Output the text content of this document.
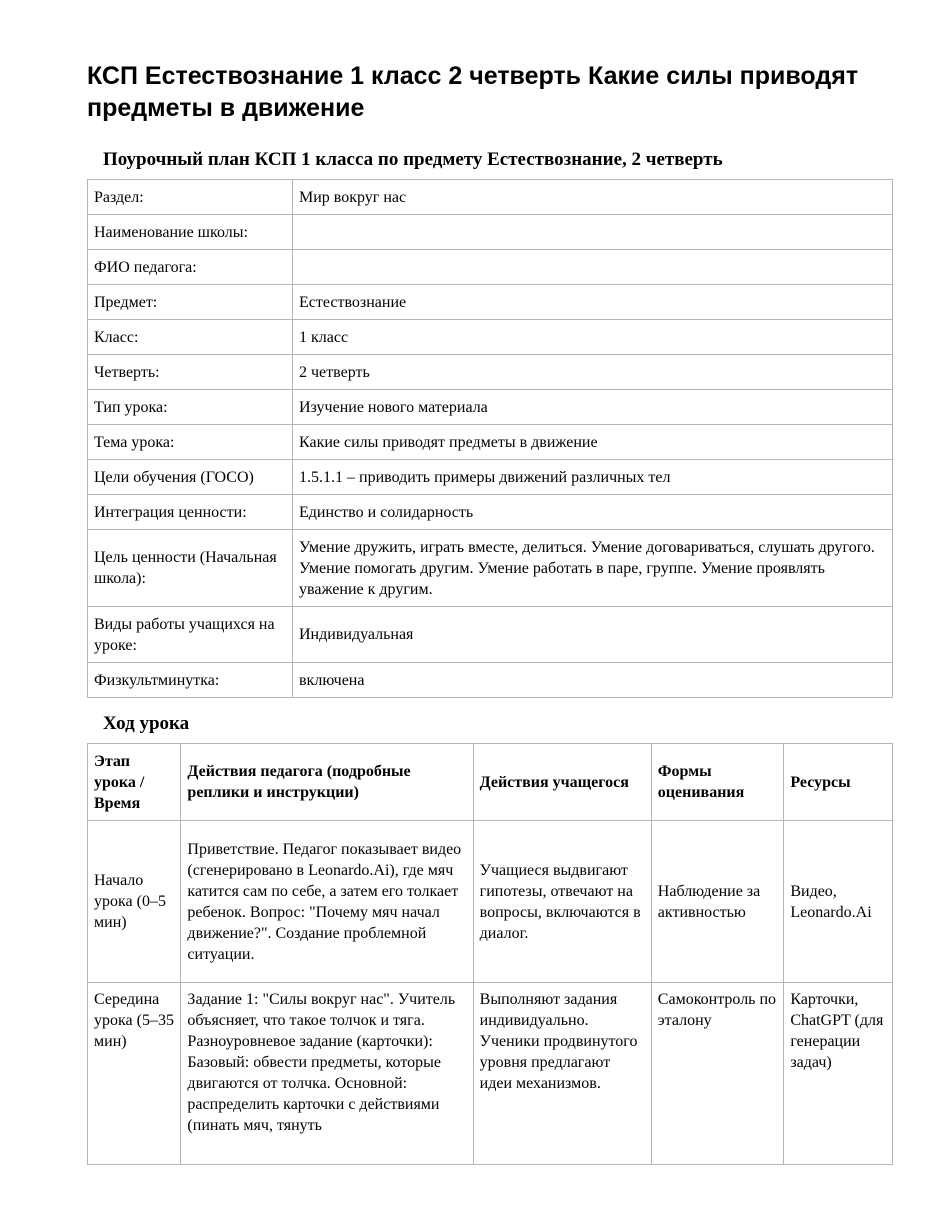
КСП Естествознание 1 класс 2 четверть Какие силы приводят предметы в движение
Поурочный план КСП 1 класса по предмету Естествознание, 2 четверть
Раздел:	Мир вокруг нас
Наименование школы:	
ФИО педагога:	
Предмет:	Естествознание
Класс:	1 класс
Четверть:	2 четверть
Тип урока:	Изучение нового материала
Тема урока:	Какие силы приводят предметы в движение
Цели обучения (ГОСО)	1.5.1.1 – приводить примеры движений различных тел
Интеграция ценности:	Единство и солидарность
Цель ценности (Начальная школа):	Умение дружить, играть вместе, делиться. Умение договариваться, слушать другого. Умение помогать другим. Умение работать в паре, группе. Умение проявлять уважение к другим.
Виды работы учащихся на уроке:	Индивидуальная
Физкультминутка:	включена
Ход урока
Этап урока / Время	Действия педагога (подробные реплики и инструкции)	Действия учащегося	Формы оценивания	Ресурсы
Начало урока (0–5 мин)	Приветствие. Педагог показывает видео (сгенерировано в Leonardo.Ai), где мяч катится сам по себе, а затем его толкает ребенок. Вопрос: "Почему мяч начал движение?". Создание проблемной ситуации.	Учащиеся выдвигают гипотезы, отвечают на вопросы, включаются в диалог.	Наблюдение за активностью	Видео, Leonardo.Ai
Середина урока (5–35 мин)	Задание 1: "Силы вокруг нас". Учитель объясняет, что такое толчок и тяга. Разноуровневое задание (карточки): Базовый: обвести предметы, которые двигаются от толчка. Основной: распределить карточки с действиями (пинать мяч, тянуть	Выполняют задания индивидуально. Ученики продвинутого уровня предлагают идеи механизмов.	Самоконтроль по эталону	Карточки, ChatGPT (для генерации задач)
